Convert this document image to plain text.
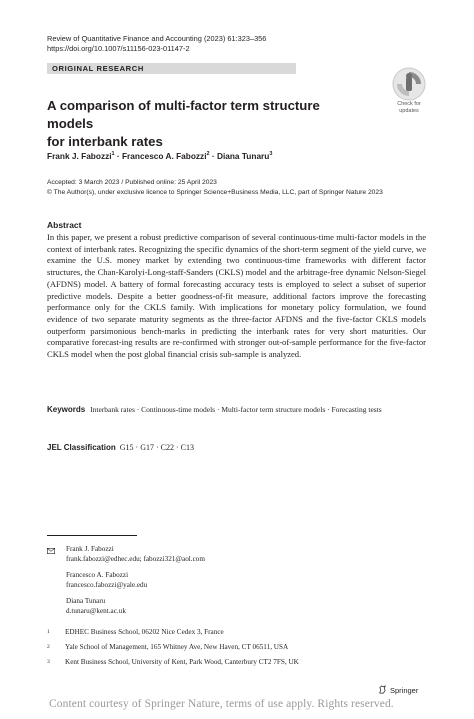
Review of Quantitative Finance and Accounting (2023) 61:323–356
https://doi.org/10.1007/s11156-023-01147-2
ORIGINAL RESEARCH
Check for
updates
A comparison of multi-factor term structure models
for interbank rates
Frank J. Fabozzi$^1$ · Francesco A. Fabozzi$^2$ · Diana Tunaru$^3$
Accepted: 3 March 2023 / Published online: 25 April 2023
© The Author(s), under exclusive licence to Springer Science+Business Media, LLC, part of Springer Nature 2023
Abstract
In this paper, we present a robust predictive comparison of several continuous-time multi-factor models in the context of interbank rates. Recognizing the specific dynamics of the short-term segment of the yield curve, we examine the U.S. money market by extending two continuous-time frameworks with different factor structures, the Chan-Karolyi-Long-staff-Sanders (CKLS) model and the arbitrage-free dynamic Nelson-Siegel (AFDNS) model. A battery of formal forecasting accuracy tests is employed to select a subset of superior predictive models. Despite a better goodness-of-fit measure, additional factors improve the forecasting performance only for the CKLS family. With implications for monetary policy formulation, we found evidence of two separate maturity segments as the three-factor AFDNS and the five-factor CKLS models outperform parsimonious bench-marks in predicting the interbank rates for very short maturities. Our comparative forecast-ing results are re-confirmed with stronger out-of-sample performance for the five-factor CKLS model when the post global financial crisis sub-sample is analyzed.
Keywords Interbank rates · Continuous-time models · Multi-factor term structure models · Forecasting tests
JEL Classification G15 · G17 · C22 · C13
Frank J. Fabozzi
frank.fabozzi@edhec.edu; fabozzi321@aol.com
Francesco A. Fabozzi
francesco.fabozzi@yale.edu
Diana Tunaru
d.tunaru@kent.ac.uk
1 EDHEC Business School, 06202 Nice Cedex 3, France
2 Yale School of Management, 165 Whitney Ave, New Haven, CT 06511, USA
3 Kent Business School, University of Kent, Park Wood, Canterbury CT2 7FS, UK
Springer
Content courtesy of Springer Nature, terms of use apply. Rights reserved.
